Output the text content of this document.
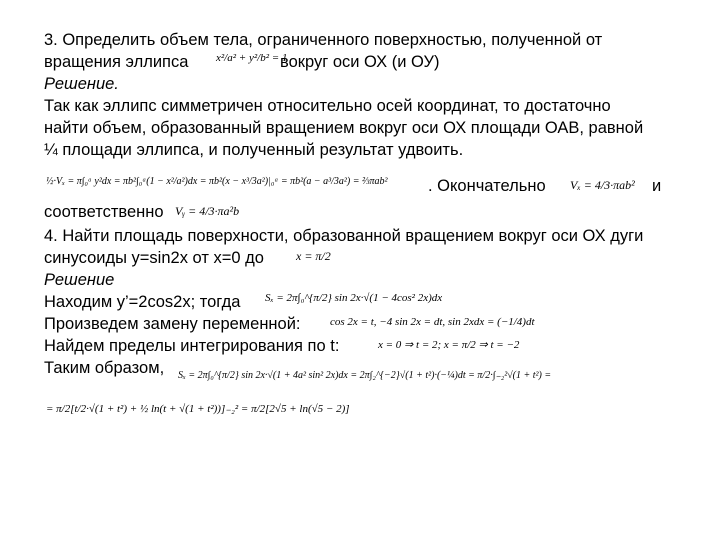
3. Определить объем тела, ограниченного поверхностью, полученной от
вращения эллипса	x²/a² + y²/b² = 1
вокруг оси ОХ (и ОУ)
Решение.
Так как эллипс симметричен относительно осей координат, то достаточно
найти объем, образованный вращением вокруг оси ОХ площади ОАВ, равной
¼ площади эллипса, и полученный результат удвоить.
½·Vₓ = π∫₀ᵃ y²dx = πb²∫₀ᵃ(1 − x²/a²)dx = πb²(x − x³/3a²)|₀ᵃ = πb²(a − a³/3a²) = ⅔πab² . Окончательно Vₓ = 4/3·πab² и
соответственно Vᵧ = 4/3·πa²b
4. Найти площадь поверхности, образованной вращением вокруг оси ОХ дуги
синусоиды y=sin2x от x=0 до	x = π/2
Решение
Находим y’=2cos2x; тогда Sₓ = 2π∫₀^{π/2} sin 2x·√(1 − 4cos² 2x)dx
Произведем замену переменной:	cos 2x = t, −4 sin 2x = dt, sin 2xdx = (−1/4)dt
Найдем пределы интегрирования по t:	x = 0 ⇒ t = 2; x = π/2 ⇒ t = −2
Таким образом, Sₓ = 2π∫₀^{π/2} sin 2x·√(1 + 4a² sin² 2x)dx = 2π∫₂^{−2}√(1 + t²)·(−¼)dt = π/2·∫₋₂²√(1 + t²) =
= π/2[t/2·√(1 + t²) + ½ ln(t + √(1 + t²))]₋₂² = π/2[2√5 + ln(√5 − 2)]
